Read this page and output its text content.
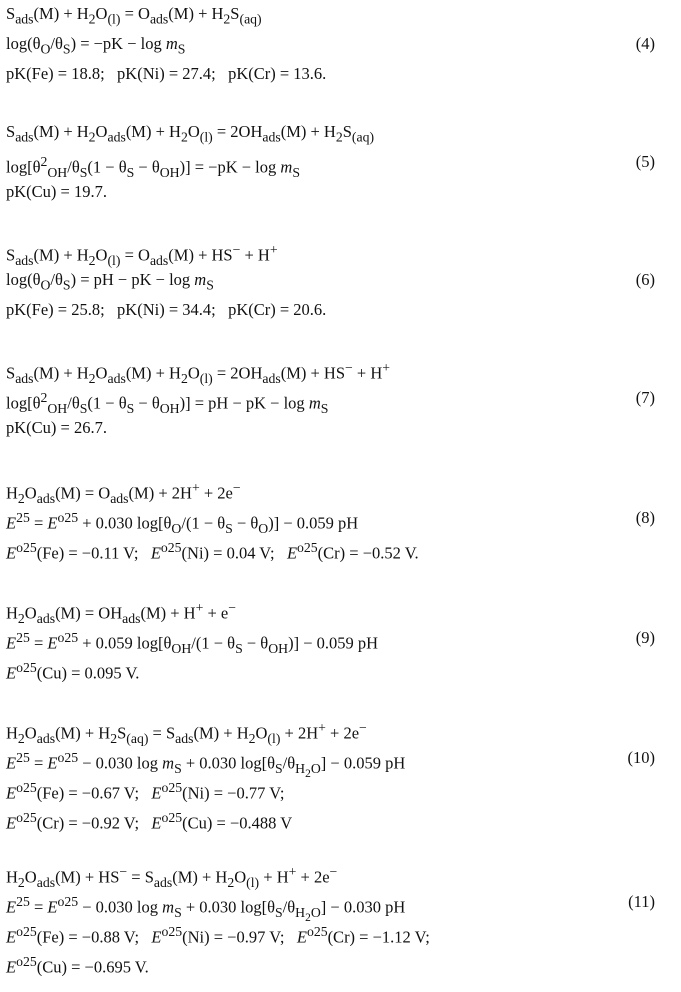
$S_{ads}(M) + H_2O_{(l)} = O_{ads}(M) + H_2S_{(aq)}$
$\log(\theta_O/\theta_S) = -pK - \log m_S$
pK(Fe) = 18.8;   pK(Ni) = 27.4;   pK(Cr) = 13.6.
(4)
$S_{ads}(M) + H_2O_{ads}(M) + H_2O_{(l)} = 2OH_{ads}(M) + H_2S_{(aq)}$
$\log[\theta^2_{OH}/\theta_S(1 - \theta_S - \theta_{OH})] = -pK - \log m_S$
pK(Cu) = 19.7.
(5)
$S_{ads}(M) + H_2O_{(l)} = O_{ads}(M) + HS^- + H^+$
$\log(\theta_O/\theta_S)$ = pH − pK − $\log m_S$
pK(Fe) = 25.8;   pK(Ni) = 34.4;   pK(Cr) = 20.6.
(6)
$S_{ads}(M) + H_2O_{ads}(M) + H_2O_{(l)} = 2OH_{ads}(M) + HS^- + H^+$
$\log[\theta^2_{OH}/\theta_S(1 - \theta_S - \theta_{OH})]$ = pH − pK − $\log m_S$
pK(Cu) = 26.7.
(7)
$H_2O_{ads}(M) = O_{ads}(M) + 2H^+ + 2e^-$
$E^{25} = E^{o25} + 0.030$ $\log[\theta_O/(1 - \theta_S - \theta_O)] - 0.059$ pH
$E^{o25}(Fe) = -0.11$ V;   $E^{o25}(Ni) = 0.04$ V;   $E^{o25}(Cr) = -0.52$ V.
(8)
$H_2O_{ads}(M) = OH_{ads}(M) + H^+ + e^-$
$E^{25} = E^{o25} + 0.059$ $\log[\theta_{OH}/(1 - \theta_S - \theta_{OH})] - 0.059$ pH
$E^{o25}(Cu) = 0.095$ V.
(9)
$H_2O_{ads}(M) + H_2S_{(aq)} = S_{ads}(M) + H_2O_{(l)} + 2H^+ + 2e^-$
$E^{25} = E^{o25} - 0.030$ $\log m_S + 0.030$ $\log[\theta_S/\theta_{H_2O}] - 0.059$ pH
$E^{o25}(Fe) = -0.67$ V;   $E^{o25}(Ni) = -0.77$ V;
$E^{o25}(Cr) = -0.92$ V;   $E^{o25}(Cu) = -0.488$ V
(10)
$H_2O_{ads}(M) + HS^- = S_{ads}(M) + H_2O_{(l)} + H^+ + 2e^-$
$E^{25} = E^{o25} - 0.030$ $\log m_S + 0.030$ $\log[\theta_S/\theta_{H_2O}] - 0.030$ pH
$E^{o25}(Fe) = -0.88$ V;   $E^{o25}(Ni) = -0.97$ V;   $E^{o25}(Cr) = -1.12$ V;
$E^{o25}(Cu) = -0.695$ V.
(11)
